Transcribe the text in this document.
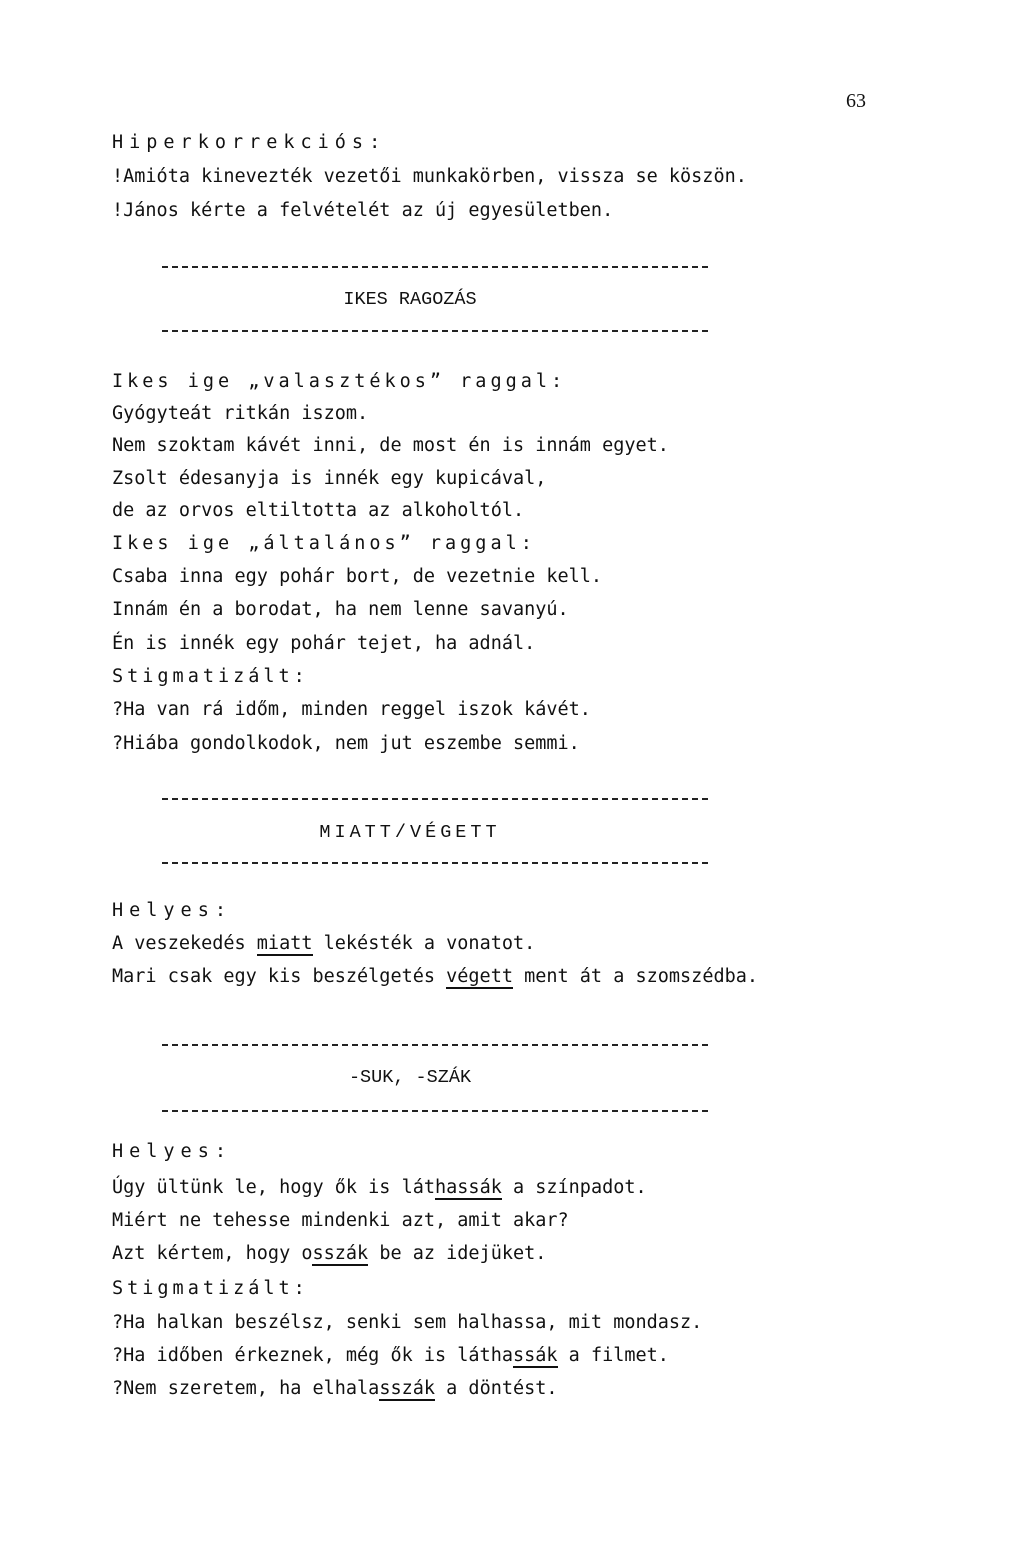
63
Hiperkorrekciós:
!Amióta kinevezték vezetői munkakörben, vissza se köszön.
!János kérte a felvételét az új egyesületben.
IKES RAGOZÁS
Ikes ige „valasztékos” raggal:
Gyógyteát ritkán iszom.
Nem szoktam kávét inni, de most én is innám egyet.
Zsolt édesanyja is innék egy kupicával,
de az orvos eltiltotta az alkoholtól.
Ikes ige „általános” raggal:
Csaba inna egy pohár bort, de vezetnie kell.
Innám én a borodat, ha nem lenne savanyú.
Én is innék egy pohár tejet, ha adnál.
Stigmatizált:
?Ha van rá időm, minden reggel iszok kávét.
?Hiába gondolkodok, nem jut eszembe semmi.
MIATT/VÉGETT
Helyes:
A veszekedés miatt lekésték a vonatot.
Mari csak egy kis beszélgetés végett ment át a szomszédba.
-SUK, -SZÁK
Helyes:
Úgy ültünk le, hogy ők is láthassák a színpadot.
Miért ne tehesse mindenki azt, amit akar?
Azt kértem, hogy osszák be az idejüket.
Stigmatizált:
?Ha halkan beszélsz, senki sem halhassa, mit mondasz.
?Ha időben érkeznek, még ők is láthassák a filmet.
?Nem szeretem, ha elhalasszák a döntést.
